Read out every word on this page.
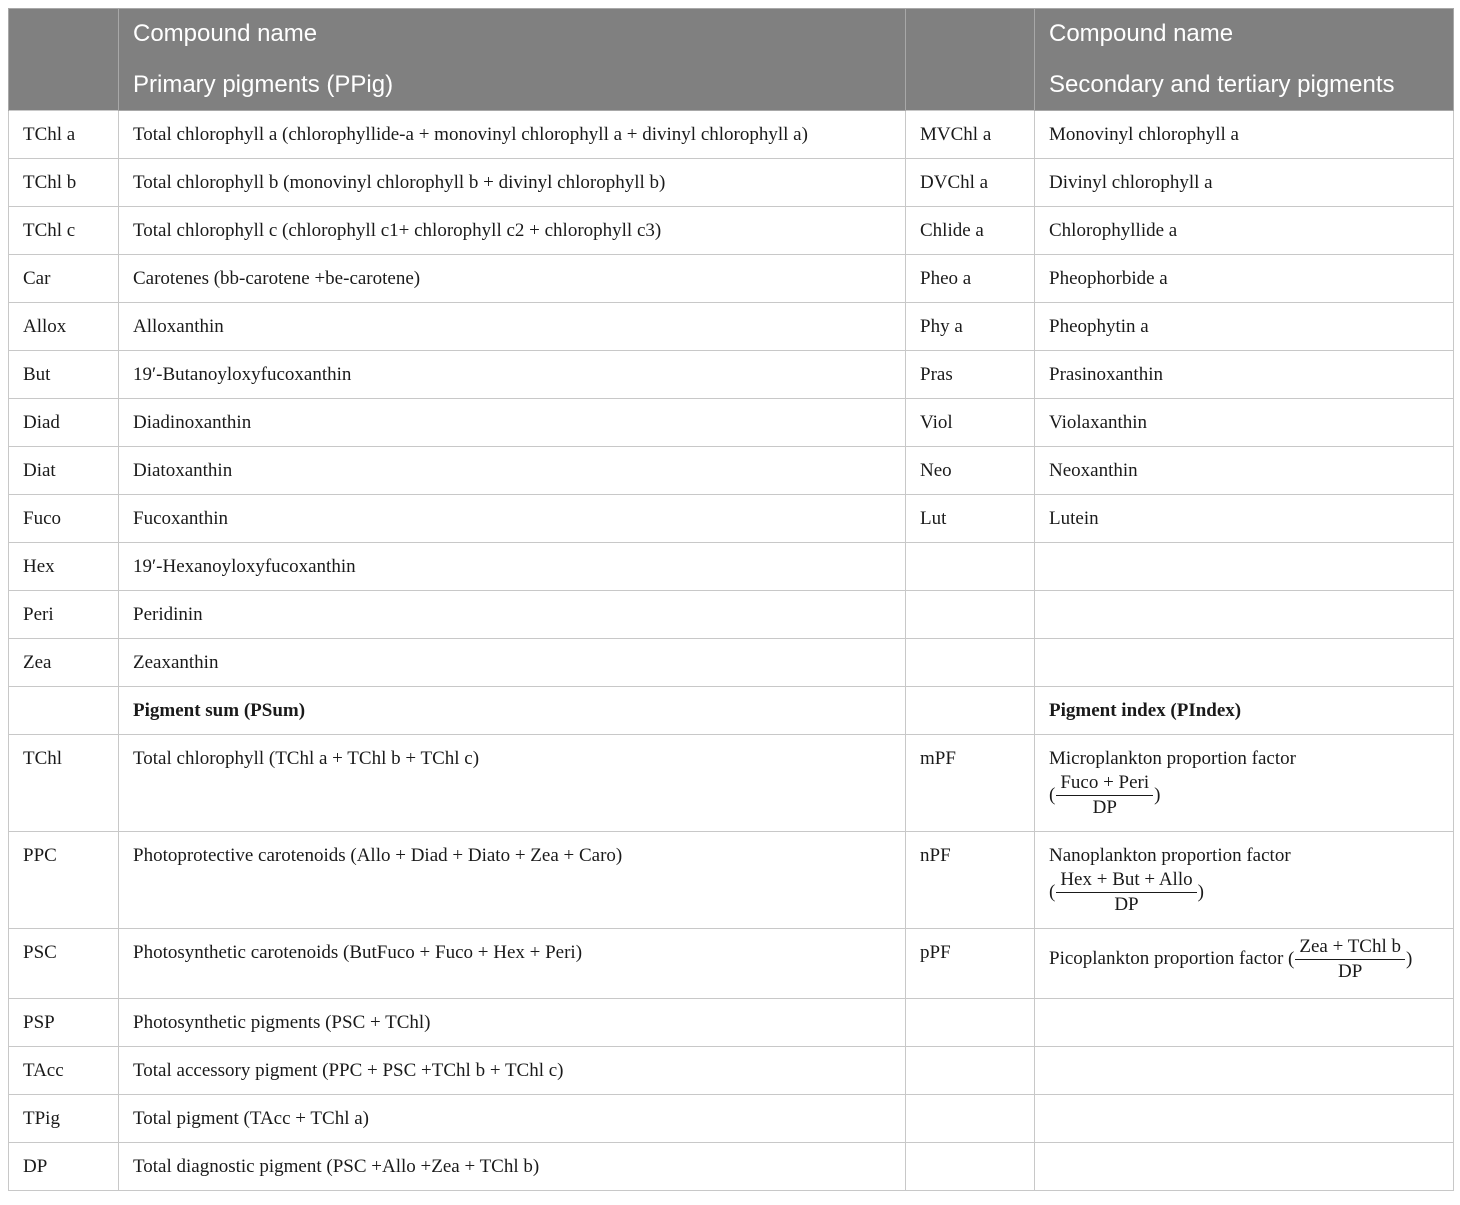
	Compound name		Compound name
	Primary pigments (PPig)		Secondary and tertiary pigments
TChl a	Total chlorophyll a (chlorophyllide-a + monovinyl chlorophyll a + divinyl chlorophyll a)	MVChl a	Monovinyl chlorophyll a
TChl b	Total chlorophyll b (monovinyl chlorophyll b + divinyl chlorophyll b)	DVChl a	Divinyl chlorophyll a
TChl c	Total chlorophyll c (chlorophyll c1+ chlorophyll c2 + chlorophyll c3)	Chlide a	Chlorophyllide a
Car	Carotenes (bb-carotene +be-carotene)	Pheo a	Pheophorbide a
Allox	Alloxanthin	Phy a	Pheophytin a
But	19′-Butanoyloxyfucoxanthin	Pras	Prasinoxanthin
Diad	Diadinoxanthin	Viol	Violaxanthin
Diat	Diatoxanthin	Neo	Neoxanthin
Fuco	Fucoxanthin	Lut	Lutein
Hex	19′-Hexanoyloxyfucoxanthin		
Peri	Peridinin		
Zea	Zeaxanthin		
	Pigment sum (PSum)		Pigment index (PIndex)
TChl	Total chlorophyll (TChl a + TChl b + TChl c)	mPF	Microplankton proportion factor
( $\frac{\text{Fuco + Peri}}{DP}$ )
PPC	Photoprotective carotenoids (Allo + Diad + Diato + Zea + Caro)	nPF	Nanoplankton proportion factor
( $\frac{\text{Hex + But + Allo}}{DP}$ )
PSC	Photosynthetic carotenoids (ButFuco + Fuco + Hex + Peri)	pPF	Picoplankton proportion factor ( $\frac{\text{Zea + TChl b}}{DP}$ )
PSP	Photosynthetic pigments (PSC + TChl)		
TAcc	Total accessory pigment (PPC + PSC +TChl b + TChl c)		
TPig	Total pigment (TAcc + TChl a)		
DP	Total diagnostic pigment (PSC +Allo +Zea + TChl b)		
